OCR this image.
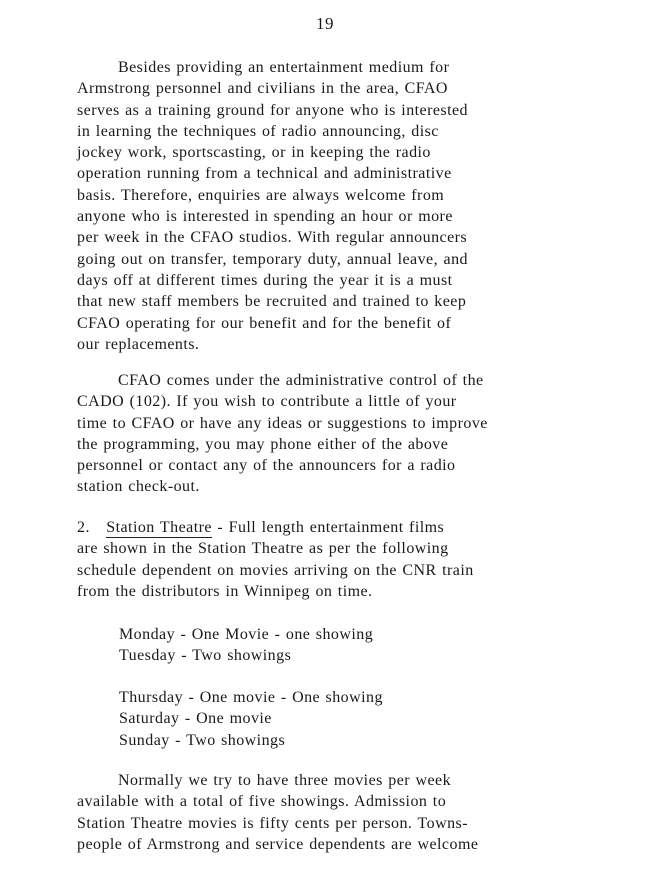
19
Besides providing an entertainment medium for
Armstrong personnel and civilians in the area, CFAO
serves as a training ground for anyone who is interested
in learning the techniques of radio announcing, disc
jockey work, sportscasting, or in keeping the radio
operation running from a technical and administrative
basis. Therefore, enquiries are always welcome from
anyone who is interested in spending an hour or more
per week in the CFAO studios. With regular announcers
going out on transfer, temporary duty, annual leave, and
days off at different times during the year it is a must
that new staff members be recruited and trained to keep
CFAO operating for our benefit and for the benefit of
our replacements.
CFAO comes under the administrative control of the
CADO (102). If you wish to contribute a little of your
time to CFAO or have any ideas or suggestions to improve
the programming, you may phone either of the above
personnel or contact any of the announcers for a radio
station check-out.
2. Station Theatre - Full length entertainment films
are shown in the Station Theatre as per the following
schedule dependent on movies arriving on the CNR train
from the distributors in Winnipeg on time.
Monday - One Movie - one showing
Tuesday - Two showings
Thursday - One movie - One showing
Saturday - One movie
Sunday - Two showings
Normally we try to have three movies per week
available with a total of five showings. Admission to
Station Theatre movies is fifty cents per person. Towns-
people of Armstrong and service dependents are welcome
